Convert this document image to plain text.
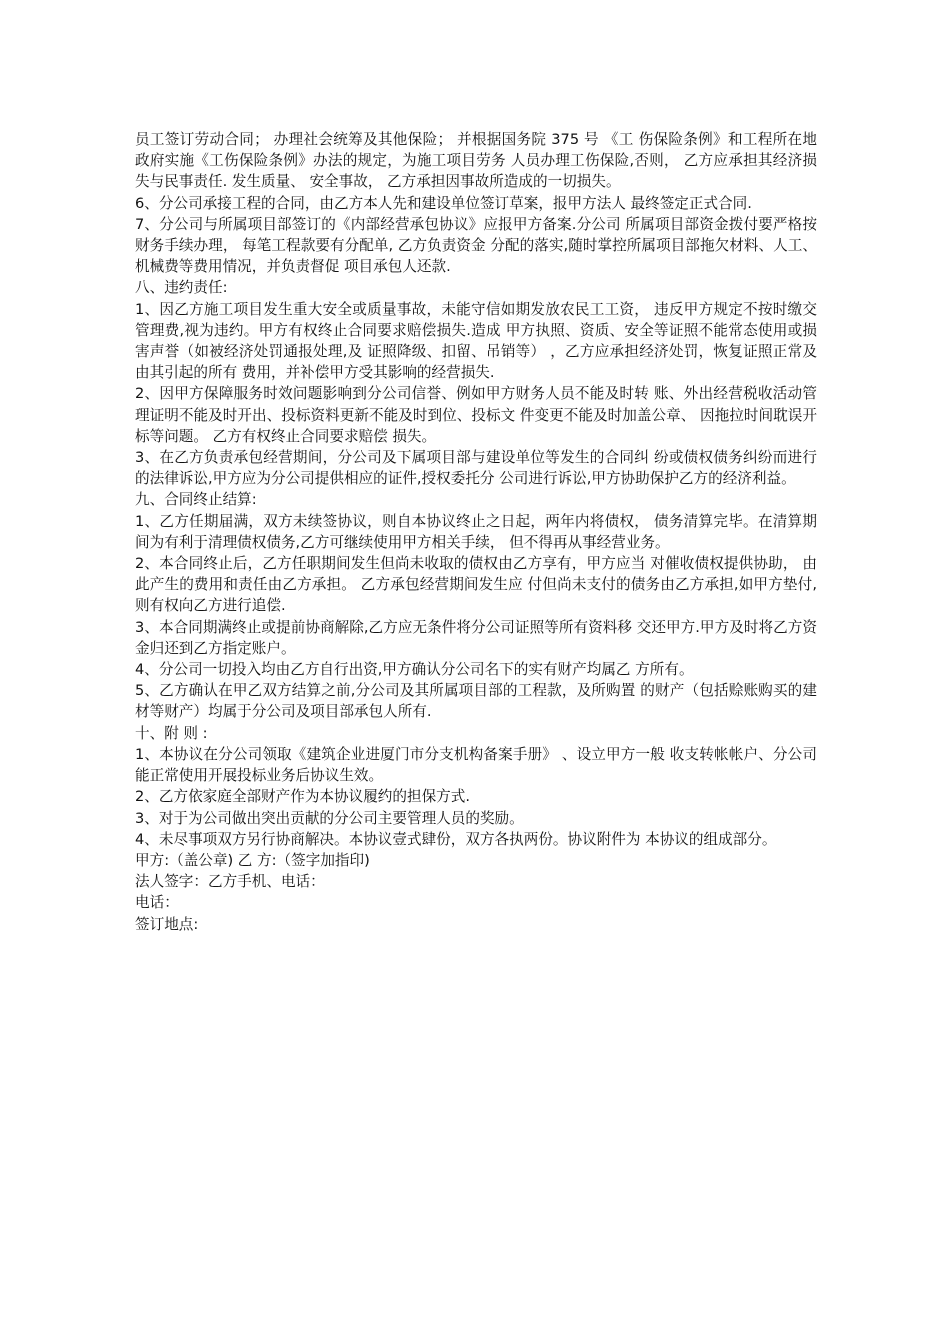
员工签订劳动合同； 办理社会统筹及其他保险； 并根据国务院 375 号 《工 伤保险条例》和工程所在地政府实施《工伤保险条例》办法的规定，为施工项目劳务 人员办理工伤保险,否则， 乙方应承担其经济损失与民事责任. 发生质量、 安全事故， 乙方承担因事故所造成的一切损失。

6、分公司承接工程的合同，由乙方本人先和建设单位签订草案，报甲方法人 最终签定正式合同.

7、分公司与所属项目部签订的《内部经营承包协议》应报甲方备案.分公司 所属项目部资金拨付要严格按财务手续办理， 每笔工程款要有分配单, 乙方负责资金 分配的落实,随时掌控所属项目部拖欠材料、人工、机械费等费用情况，并负责督促 项目承包人还款.

八、违约责任:

1、因乙方施工项目发生重大安全或质量事故，未能守信如期发放农民工工资， 违反甲方规定不按时缴交管理费,视为违约。甲方有权终止合同要求赔偿损失.造成 甲方执照、资质、安全等证照不能常态使用或损害声誉（如被经济处罚通报处理,及 证照降级、扣留、吊销等） ，乙方应承担经济处罚，恢复证照正常及由其引起的所有 费用，并补偿甲方受其影响的经营损失.

2、因甲方保障服务时效问题影响到分公司信誉、例如甲方财务人员不能及时转 账、外出经营税收活动管理证明不能及时开出、投标资料更新不能及时到位、投标文 件变更不能及时加盖公章、 因拖拉时间耽误开标等问题。 乙方有权终止合同要求赔偿 损失。

3、在乙方负责承包经营期间，分公司及下属项目部与建设单位等发生的合同纠 纷或债权债务纠纷而进行的法律诉讼,甲方应为分公司提供相应的证件,授权委托分 公司进行诉讼,甲方协助保护乙方的经济利益。

九、合同终止结算:

1、乙方任期届满，双方未续签协议，则自本协议终止之日起，两年内将债权， 债务清算完毕。在清算期间为有利于清理债权债务,乙方可继续使用甲方相关手续， 但不得再从事经营业务。

2、本合同终止后，乙方任职期间发生但尚未收取的债权由乙方享有，甲方应当 对催收债权提供协助， 由此产生的费用和责任由乙方承担。 乙方承包经营期间发生应 付但尚未支付的债务由乙方承担,如甲方垫付,则有权向乙方进行追偿.

3、本合同期满终止或提前协商解除,乙方应无条件将分公司证照等所有资料移 交还甲方.甲方及时将乙方资金归还到乙方指定账户。

4、分公司一切投入均由乙方自行出资,甲方确认分公司名下的实有财产均属乙 方所有。

5、乙方确认在甲乙双方结算之前,分公司及其所属项目部的工程款，及所购置 的财产（包括赊账购买的建材等财产）均属于分公司及项目部承包人所有.

十、附 则 :

1、本协议在分公司领取《建筑企业进厦门市分支机构备案手册》 、设立甲方一般 收支转帐帐户、分公司能正常使用开展投标业务后协议生效。

2、乙方依家庭全部财产作为本协议履约的担保方式.

3、对于为公司做出突出贡献的分公司主要管理人员的奖励。

4、未尽事项双方另行协商解决。本协议壹式肆份，双方各执两份。协议附件为 本协议的组成部分。

甲方:（盖公章) 乙 方:（签字加指印)

法人签字：乙方手机、电话：

电话：

签订地点:
